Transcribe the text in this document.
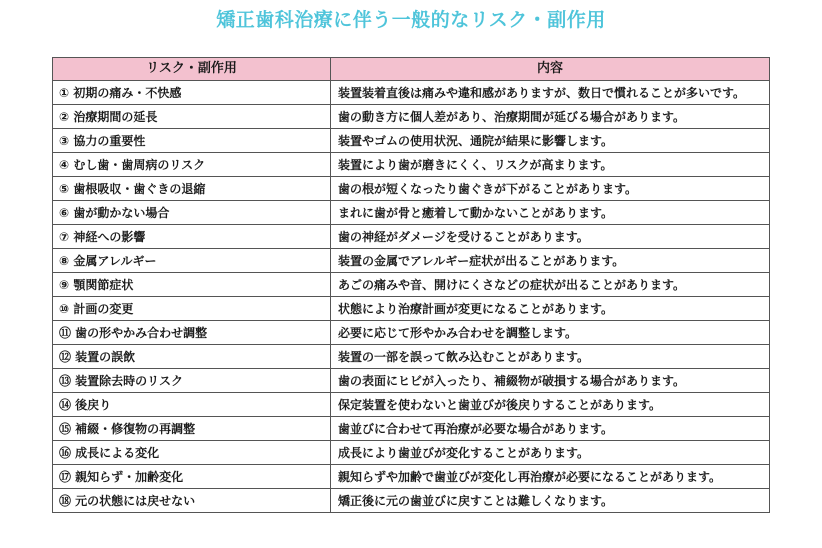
矯正歯科治療に伴う一般的なリスク・副作用
リスク・副作用	内容
① 初期の痛み・不快感	装置装着直後は痛みや違和感がありますが、数日で慣れることが多いです。
② 治療期間の延長	歯の動き方に個人差があり、治療期間が延びる場合があります。
③ 協力の重要性	装置やゴムの使用状況、通院が結果に影響します。
④ むし歯・歯周病のリスク	装置により歯が磨きにくく、リスクが高まります。
⑤ 歯根吸収・歯ぐきの退縮	歯の根が短くなったり歯ぐきが下がることがあります。
⑥ 歯が動かない場合	まれに歯が骨と癒着して動かないことがあります。
⑦ 神経への影響	歯の神経がダメージを受けることがあります。
⑧ 金属アレルギー	装置の金属でアレルギー症状が出ることがあります。
⑨ 顎関節症状	あごの痛みや音、開けにくさなどの症状が出ることがあります。
⑩ 計画の変更	状態により治療計画が変更になることがあります。
⑪ 歯の形やかみ合わせ調整	必要に応じて形やかみ合わせを調整します。
⑫ 装置の誤飲	装置の一部を誤って飲み込むことがあります。
⑬ 装置除去時のリスク	歯の表面にヒビが入ったり、補綴物が破損する場合があります。
⑭ 後戻り	保定装置を使わないと歯並びが後戻りすることがあります。
⑮ 補綴・修復物の再調整	歯並びに合わせて再治療が必要な場合があります。
⑯ 成長による変化	成長により歯並びが変化することがあります。
⑰ 親知らず・加齢変化	親知らずや加齢で歯並びが変化し再治療が必要になることがあります。
⑱ 元の状態には戻せない	矯正後に元の歯並びに戻すことは難しくなります。
